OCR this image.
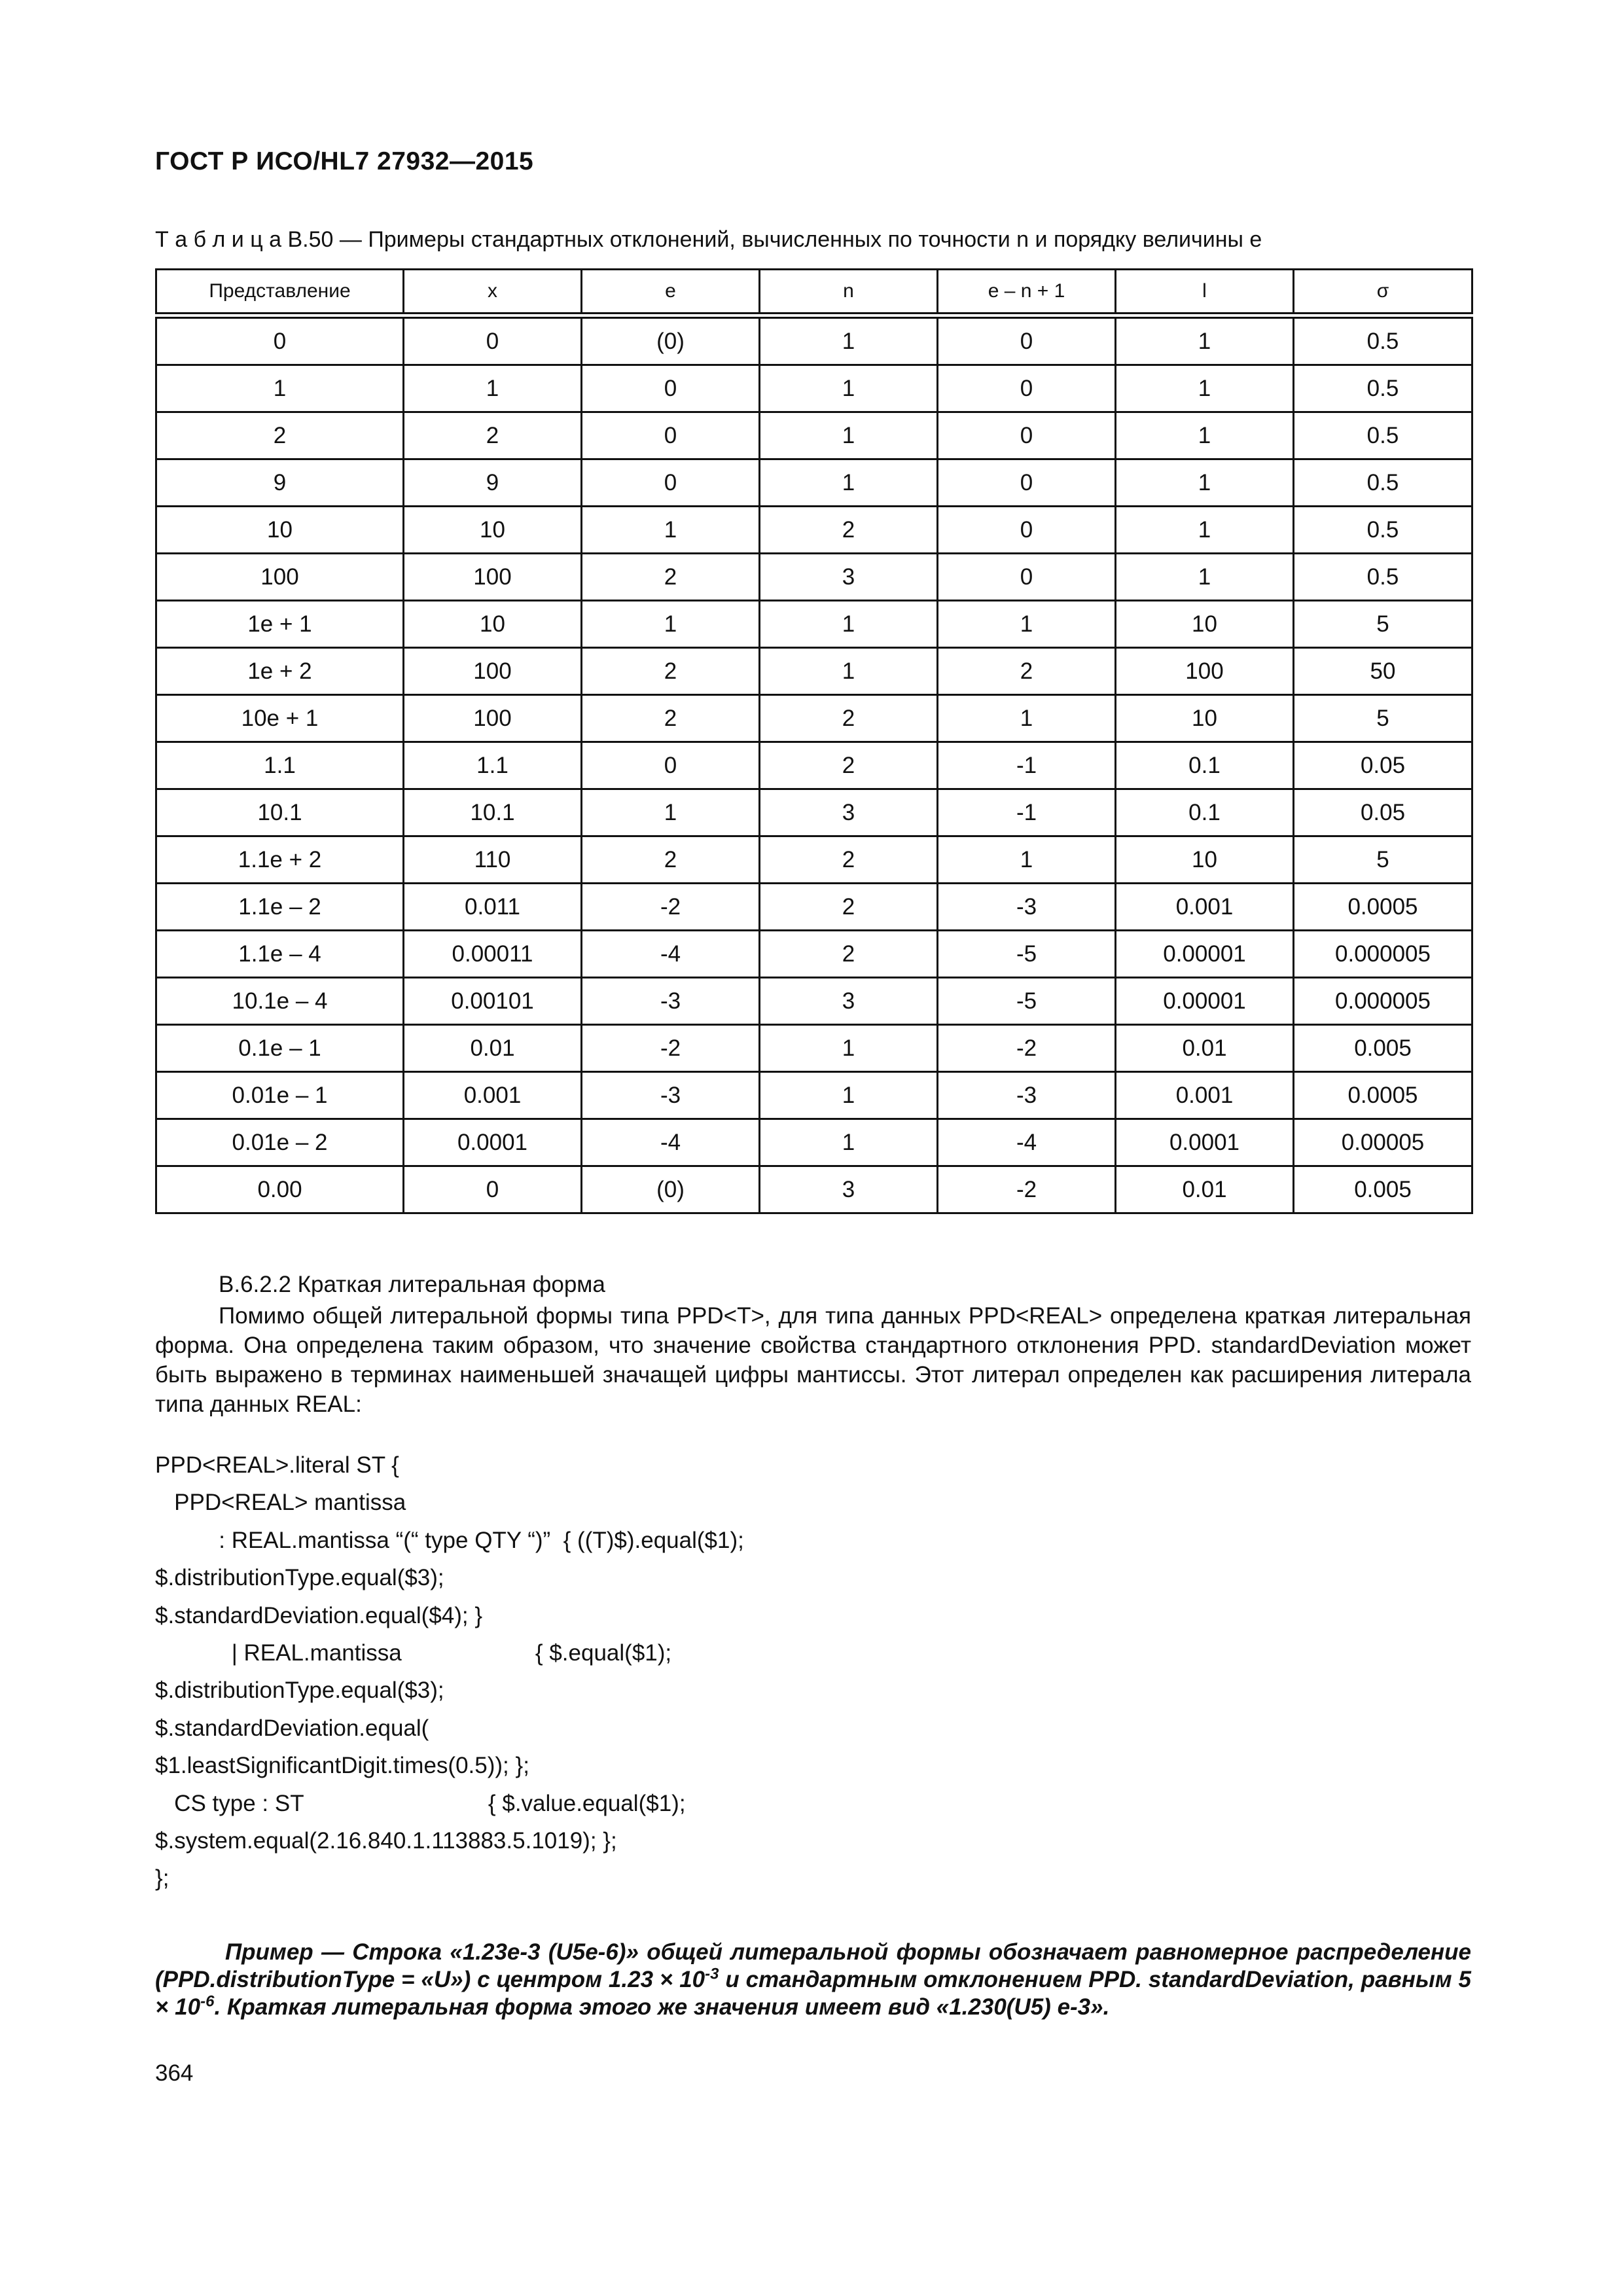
ГОСТ Р ИСО/HL7 27932—2015
Т а б л и ц а В.50 — Примеры стандартных отклонений, вычисленных по точности n и порядку величины e
Представление	x	e	n	e – n + 1	l	σ
0	0	(0)	1	0	1	0.5
1	1	0	1	0	1	0.5
2	2	0	1	0	1	0.5
9	9	0	1	0	1	0.5
10	10	1	2	0	1	0.5
100	100	2	3	0	1	0.5
1e + 1	10	1	1	1	10	5
1e + 2	100	2	1	2	100	50
10e + 1	100	2	2	1	10	5
1.1	1.1	0	2	-1	0.1	0.05
10.1	10.1	1	3	-1	0.1	0.05
1.1e + 2	110	2	2	1	10	5
1.1e – 2	0.011	-2	2	-3	0.001	0.0005
1.1e – 4	0.00011	-4	2	-5	0.00001	0.000005
10.1e – 4	0.00101	-3	3	-5	0.00001	0.000005
0.1e – 1	0.01	-2	1	-2	0.01	0.005
0.01e – 1	0.001	-3	1	-3	0.001	0.0005
0.01e – 2	0.0001	-4	1	-4	0.0001	0.00005
0.00	0	(0)	3	-2	0.01	0.005
В.6.2.2 Краткая литеральная форма
Помимо общей литеральной формы типа PPD<T>, для типа данных PPD<REAL> определена краткая литеральная форма. Она определена таким образом, что значение свойства стандартного отклонения PPD. standardDeviation может быть выражено в терминах наименьшей значащей цифры мантиссы. Этот литерал определен как расширения литерала типа данных REAL:
PPD<REAL>.literal ST {
PPD<REAL> mantissa
: REAL.mantissa “(“ type QTY “)”  { ((T)$).equal($1);
$.distributionType.equal($3);
$.standardDeviation.equal($4); }
| REAL.mantissa                     { $.equal($1);
$.distributionType.equal($3);
$.standardDeviation.equal(
$1.leastSignificantDigit.times(0.5)); };
CS type : ST                             { $.value.equal($1);
$.system.equal(2.16.840.1.113883.5.1019); };
};
Пример — Строка «1.23e-3 (U5e-6)» общей литеральной формы обозначает равномерное распределение (PPD.distributionType = «U») с центром $1.23 \times 10^{-3}$ и стандартным отклонением PPD. standardDeviation, равным $5 \times 10^{-6}$. Краткая литеральная форма этого же значения имеет вид «1.230(U5) e-3».
364
